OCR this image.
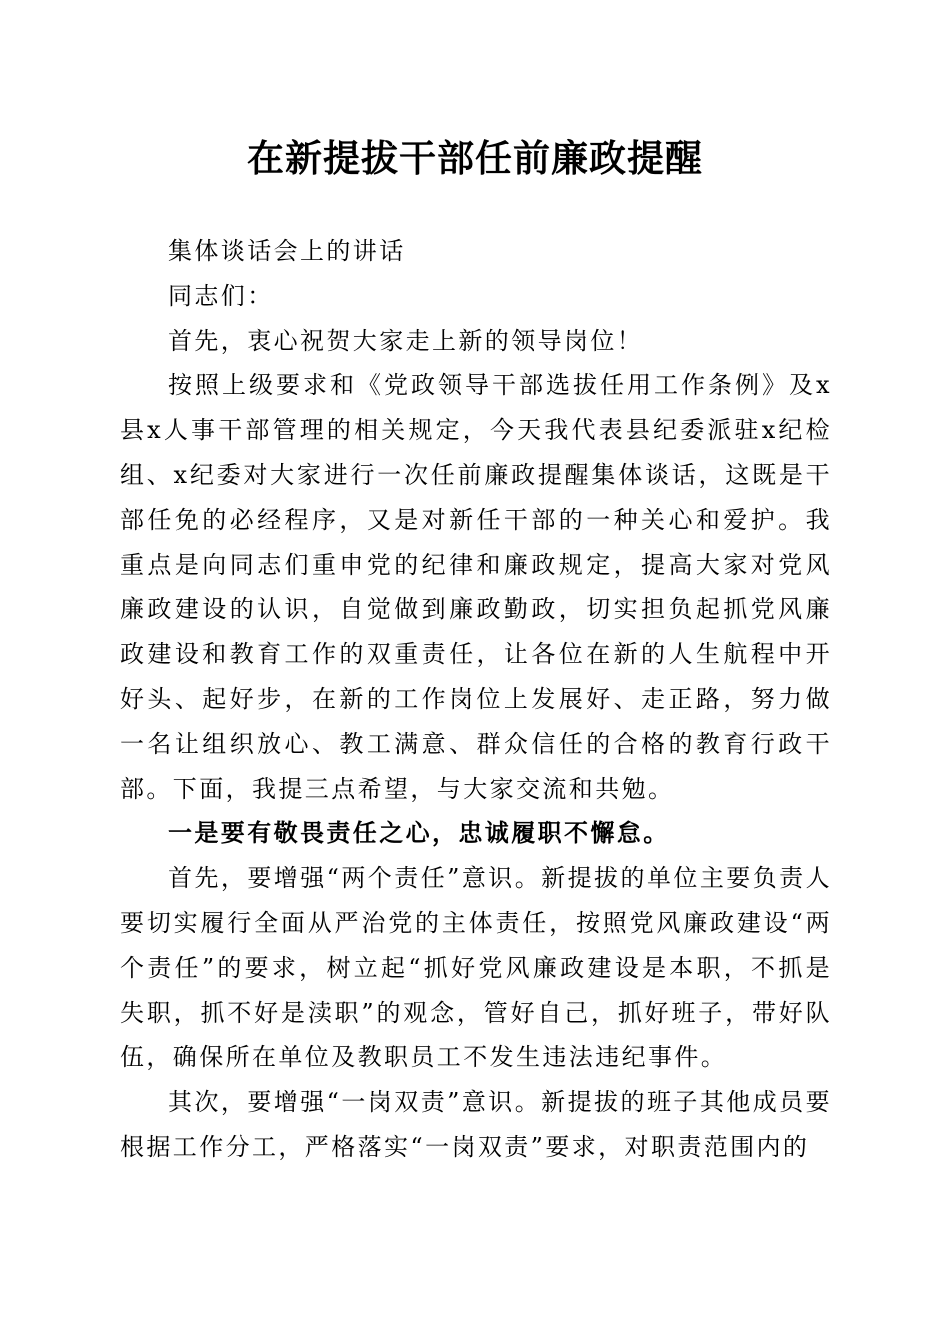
在新提拔干部任前廉政提醒

集体谈话会上的讲话

同志们：

首先，衷心祝贺大家走上新的领导岗位！

按照上级要求和《党政领导干部选拔任用工作条例》及x县x人事干部管理的相关规定，今天我代表县纪委派驻x纪检组、x纪委对大家进行一次任前廉政提醒集体谈话，这既是干部任免的必经程序，又是对新任干部的一种关心和爱护。我重点是向同志们重申党的纪律和廉政规定，提高大家对党风廉政建设的认识，自觉做到廉政勤政，切实担负起抓党风廉政建设和教育工作的双重责任，让各位在新的人生航程中开好头、起好步，在新的工作岗位上发展好、走正路，努力做一名让组织放心、教工满意、群众信任的合格的教育行政干部。下面，我提三点希望，与大家交流和共勉。

一是要有敬畏责任之心，忠诚履职不懈怠。

首先，要增强“两个责任”意识。新提拔的单位主要负责人要切实履行全面从严治党的主体责任，按照党风廉政建设“两个责任”的要求，树立起“抓好党风廉政建设是本职，不抓是失职，抓不好是渎职”的观念，管好自己，抓好班子，带好队伍，确保所在单位及教职员工不发生违法违纪事件。

其次，要增强“一岗双责”意识。新提拔的班子其他成员要根据工作分工，严格落实“一岗双责”要求，对职责范围内的
